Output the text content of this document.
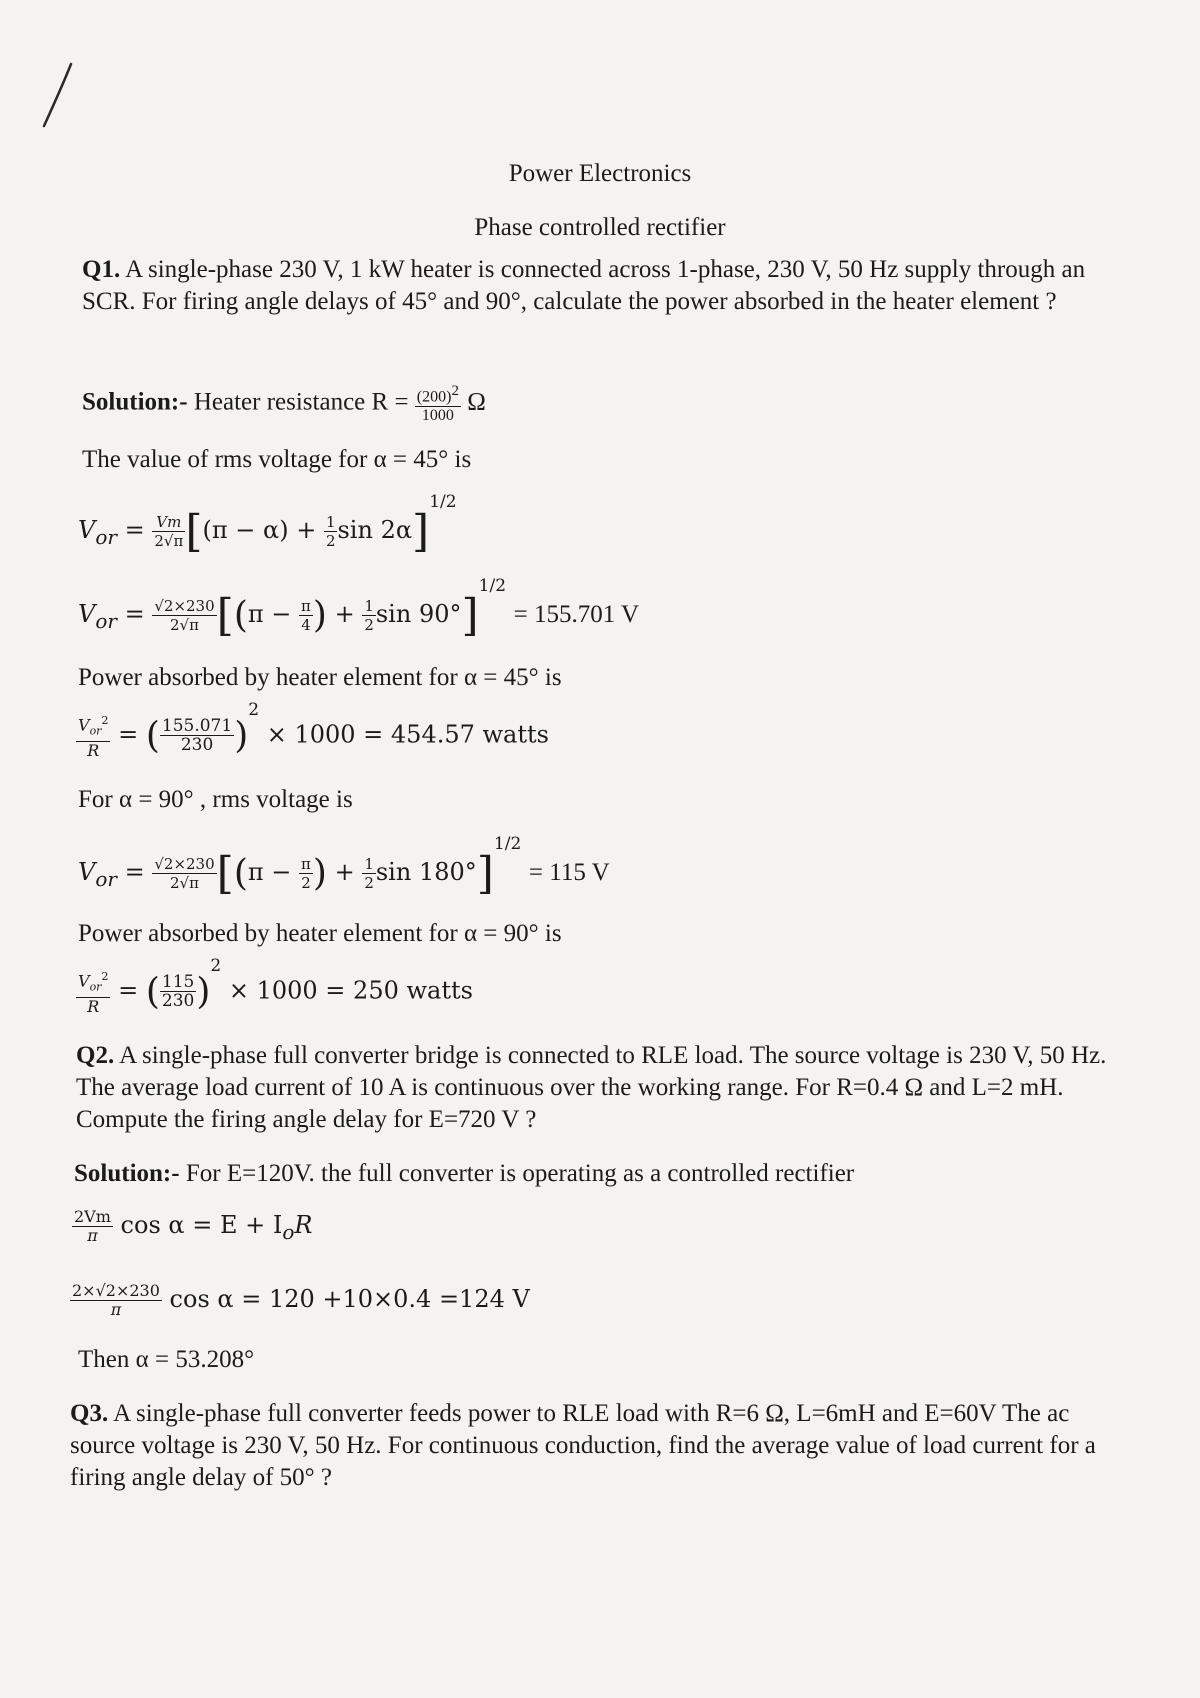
Power Electronics
Phase controlled rectifier
Q1. A single-phase 230 V, 1 kW heater is connected across 1-phase, 230 V, 50 Hz supply through an SCR. For firing angle delays of 45° and 90°, calculate the power absorbed in the heater element ?
Solution:- Heater resistance $R = \frac{(200)^2}{1000}$ Ω
The value of rms voltage for α = 45° is
$V_{or} = \frac{Vm}{2√\pi} [(\pi - \alpha) + \frac{1}{2}$ $\sin 2\alpha]^{1/2}$
$V_{or} = \frac{√2\times 230}{2√\pi} [(\pi - \frac{\pi}{4}$ ) + $\frac{1}{2}$ sin 90°]$^{1/2}$ = 155.701 V
Power absorbed by heater element for α = 45° is
$\frac{V_{or}^2}{R}$ = ( $\frac{155.071}{230} )^2 \times 1000 = 454.57$ watts
For α = 90° , rms voltage is
$V_{or} = \frac{√2\times 230}{2√\pi} [(\pi - \frac{\pi}{2}$ ) + $\frac{1}{2}$ sin 180°]$^{1/2}$ = 115 V
Power absorbed by heater element for α = 90° is
$\frac{V_{or}^2}{R}$ = ( $\frac{115}{230} )^2 \times 1000 = 250$ watts
Q2. A single-phase full converter bridge is connected to RLE load. The source voltage is 230 V, 50 Hz. The average load current of 10 A is continuous over the working range. For R=0.4 Ω and L=2 mH. Compute the firing angle delay for E=720 V ?
Solution:- For E=120V. the full converter is operating as a controlled rectifier
$\frac{2Vm}{\pi}$ $\cos \alpha = E + I_oR$
$\frac{2\times√2\times 230}{\pi}$ cos α = 120 +10×0.4 =124 V
Then α = 53.208°
Q3. A single-phase full converter feeds power to RLE load with R=6 Ω, L=6mH and E=60V The ac source voltage is 230 V, 50 Hz. For continuous conduction, find the average value of load current for a firing angle delay of 50° ?
